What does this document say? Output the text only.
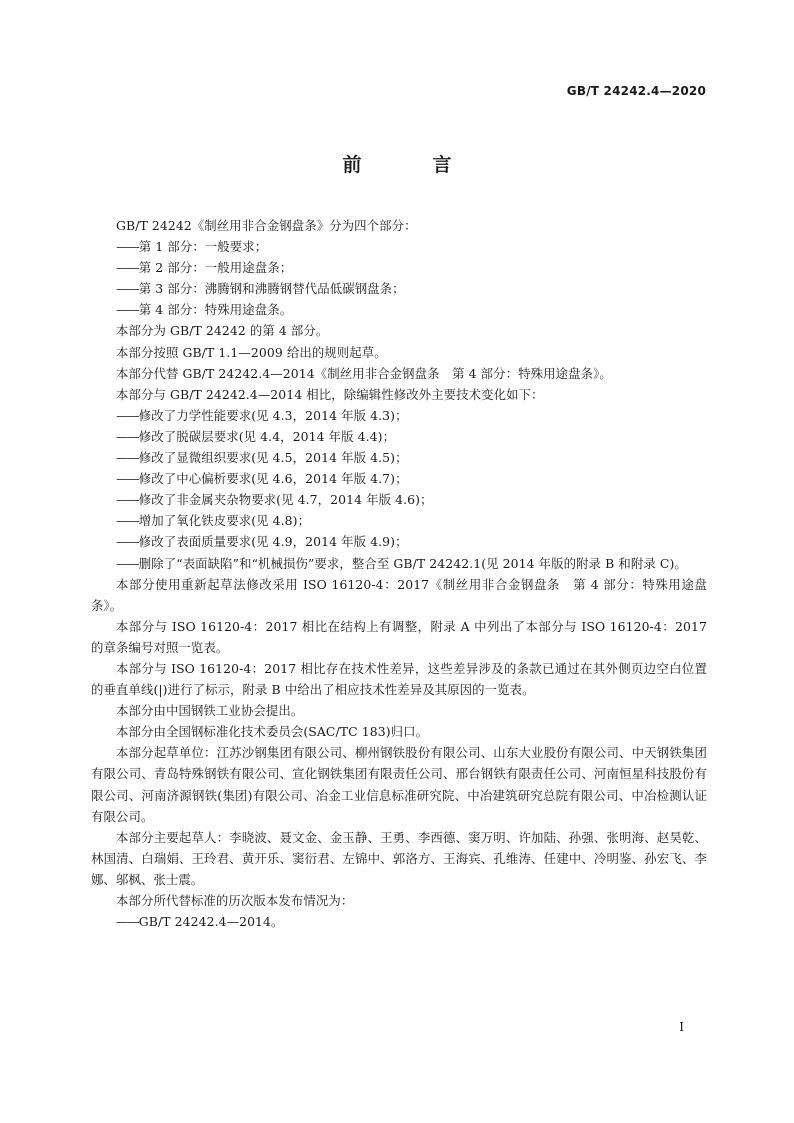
GB/T 24242.4—2020
前　言

GB/T 24242《制丝用非合金钢盘条》分为四个部分：

——第 1 部分：一般要求；

——第 2 部分：一般用途盘条；

——第 3 部分：沸腾钢和沸腾钢替代品低碳钢盘条；

——第 4 部分：特殊用途盘条。

本部分为 GB/T 24242 的第 4 部分。

本部分按照 GB/T 1.1—2009 给出的规则起草。

本部分代替 GB/T 24242.4—2014《制丝用非合金钢盘条　第 4 部分：特殊用途盘条》。

本部分与 GB/T 24242.4—2014 相比，除编辑性修改外主要技术变化如下：

——修改了力学性能要求(见 4.3，2014 年版 4.3)；

——修改了脱碳层要求(见 4.4，2014 年版 4.4)；

——修改了显微组织要求(见 4.5，2014 年版 4.5)；

——修改了中心偏析要求(见 4.6，2014 年版 4.7)；

——修改了非金属夹杂物要求(见 4.7，2014 年版 4.6)；

——增加了氧化铁皮要求(见 4.8)；

——修改了表面质量要求(见 4.9，2014 年版 4.9)；

——删除了“表面缺陷”和“机械损伤”要求，整合至 GB/T 24242.1(见 2014 年版的附录 B 和附录 C)。

本部分使用重新起草法修改采用 ISO 16120-4：2017《制丝用非合金钢盘条　第 4 部分：特殊用途盘条》。

本部分与 ISO 16120-4：2017 相比在结构上有调整，附录 A 中列出了本部分与 ISO 16120-4：2017 的章条编号对照一览表。

本部分与 ISO 16120-4：2017 相比存在技术性差异，这些差异涉及的条款已通过在其外侧页边空白位置的垂直单线(|)进行了标示，附录 B 中给出了相应技术性差异及其原因的一览表。

本部分由中国钢铁工业协会提出。

本部分由全国钢标准化技术委员会(SAC/TC 183)归口。

本部分起草单位：江苏沙钢集团有限公司、柳州钢铁股份有限公司、山东大业股份有限公司、中天钢铁集团有限公司、青岛特殊钢铁有限公司、宣化钢铁集团有限责任公司、邢台钢铁有限责任公司、河南恒星科技股份有限公司、河南济源钢铁(集团)有限公司、冶金工业信息标准研究院、中冶建筑研究总院有限公司、中冶检测认证有限公司。

本部分主要起草人：李晓波、聂文金、金玉静、王勇、李西德、窦万明、许加陆、孙强、张明海、赵昊乾、林国清、白瑞娟、王玲君、黄开乐、窦衍君、左锦中、郭洛方、王海宾、孔维涛、任建中、冷明鉴、孙宏飞、李娜、邬枫、张士震。

本部分所代替标准的历次版本发布情况为：

——GB/T 24242.4—2014。

I
